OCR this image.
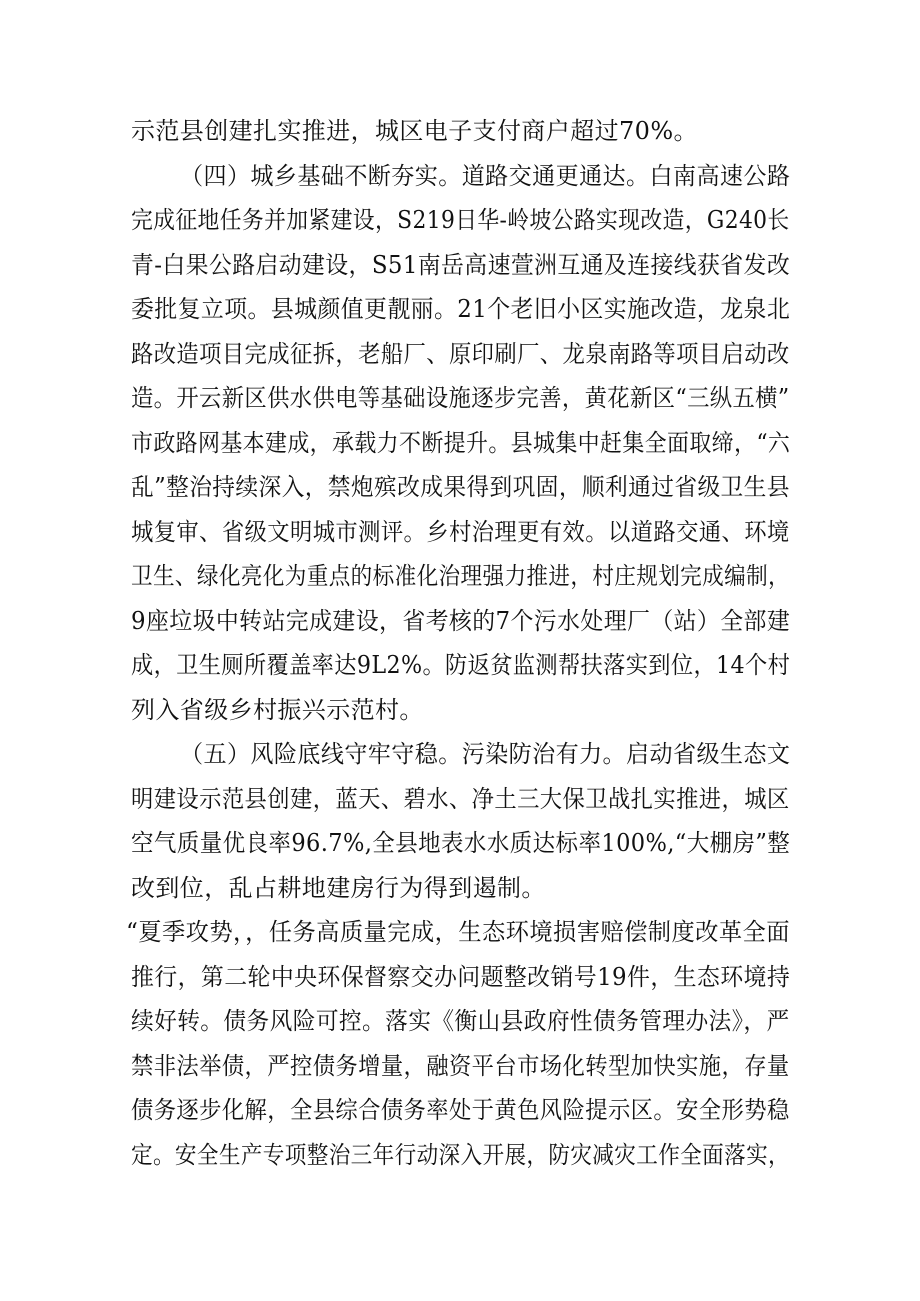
示范县创建扎实推进，城区电子支付商户超过70%。
（四）城乡基础不断夯实。道路交通更通达。白南高速公路
完成征地任务并加紧建设，S219日华-岭坡公路实现改造，G240长
青-白果公路启动建设，S51南岳高速萱洲互通及连接线获省发改
委批复立项。县城颜值更靓丽。21个老旧小区实施改造，龙泉北
路改造项目完成征拆，老船厂、原印刷厂、龙泉南路等项目启动改
造。开云新区供水供电等基础设施逐步完善，黄花新区“三纵五横”
市政路网基本建成，承载力不断提升。县城集中赶集全面取缔，“六
乱”整治持续深入，禁炮殡改成果得到巩固，顺利通过省级卫生县
城复审、省级文明城市测评。乡村治理更有效。以道路交通、环境
卫生、绿化亮化为重点的标准化治理强力推进，村庄规划完成编制，
9座垃圾中转站完成建设，省考核的7个污水处理厂（站）全部建
成，卫生厕所覆盖率达9L2%。防返贫监测帮扶落实到位，14个村
列入省级乡村振兴示范村。
（五）风险底线守牢守稳。污染防治有力。启动省级生态文
明建设示范县创建，蓝天、碧水、净土三大保卫战扎实推进，城区
空气质量优良率96.7%,全县地表水水质达标率100%,“大棚房”整
改到位，乱占耕地建房行为得到遏制。
“夏季攻势，，任务高质量完成，生态环境损害赔偿制度改革全面
推行，第二轮中央环保督察交办问题整改销号19件，生态环境持
续好转。债务风险可控。落实《衡山县政府性债务管理办法》，严
禁非法举债，严控债务增量，融资平台市场化转型加快实施，存量
债务逐步化解，全县综合债务率处于黄色风险提示区。安全形势稳
定。安全生产专项整治三年行动深入开展，防灾减灾工作全面落实，
